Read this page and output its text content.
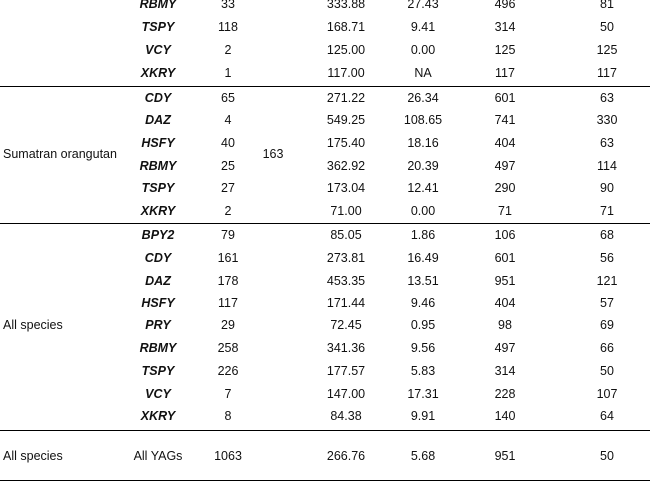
RBMY	33	333.88	27.43	496	81
TSPY	118	168.71	9.41	314	50
VCY	2	125.00	0.00	125	125
XKRY	1	117.00	NA	117	117
Sumatran orangutan	163
CDY	65	271.22	26.34	601	63
DAZ	4	549.25	108.65	741	330
HSFY	40	175.40	18.16	404	63
RBMY	25	362.92	20.39	497	114
TSPY	27	173.04	12.41	290	90
XKRY	2	71.00	0.00	71	71
All species
BPY2	79	85.05	1.86	106	68
CDY	161	273.81	16.49	601	56
DAZ	178	453.35	13.51	951	121
HSFY	117	171.44	9.46	404	57
PRY	29	72.45	0.95	98	69
RBMY	258	341.36	9.56	497	66
TSPY	226	177.57	5.83	314	50
VCY	7	147.00	17.31	228	107
XKRY	8	84.38	9.91	140	64
All species	All YAGs	1063	266.76	5.68	951	50
